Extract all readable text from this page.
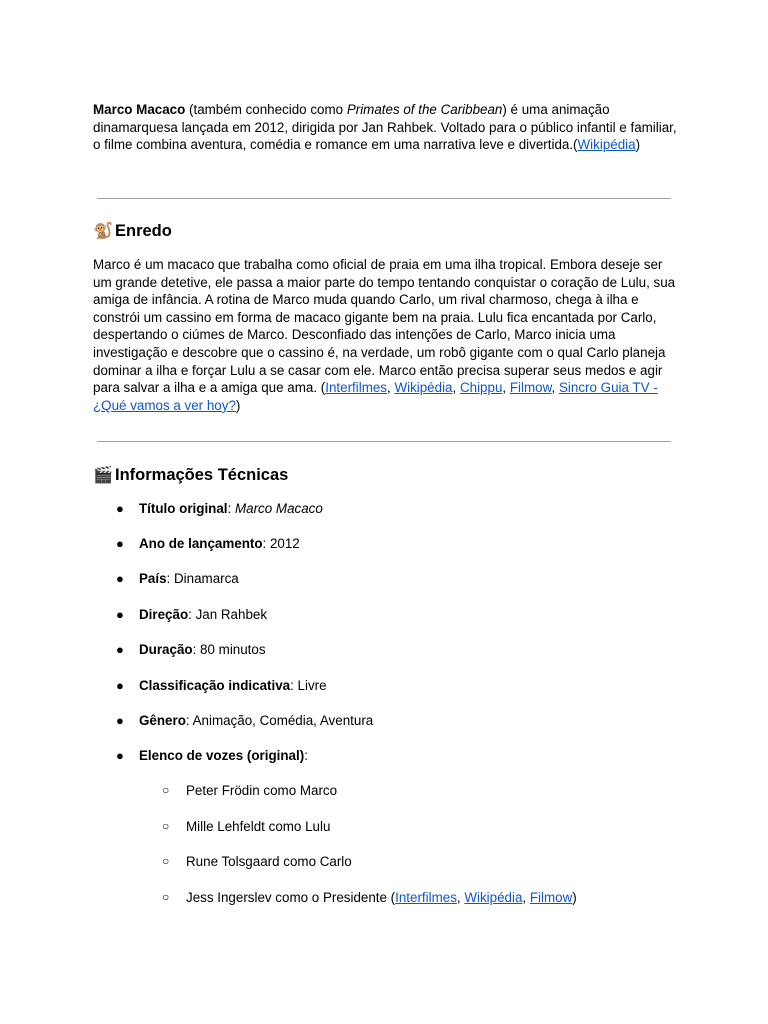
Marco Macaco (também conhecido como Primates of the Caribbean) é uma animação dinamarquesa lançada em 2012, dirigida por Jan Rahbek. Voltado para o público infantil e familiar, o filme combina aventura, comédia e romance em uma narrativa leve e divertida.(Wikipédia)

🐒 Enredo

Marco é um macaco que trabalha como oficial de praia em uma ilha tropical. Embora deseje ser um grande detetive, ele passa a maior parte do tempo tentando conquistar o coração de Lulu, sua amiga de infância. A rotina de Marco muda quando Carlo, um rival charmoso, chega à ilha e constrói um cassino em forma de macaco gigante bem na praia. Lulu fica encantada por Carlo, despertando o ciúmes de Marco. Desconfiado das intenções de Carlo, Marco inicia uma investigação e descobre que o cassino é, na verdade, um robô gigante com o qual Carlo planeja dominar a ilha e forçar Lulu a se casar com ele. Marco então precisa superar seus medos e agir para salvar a ilha e a amiga que ama. (Interfilmes, Wikipédia, Chippu, Filmow, Sincro Guia TV - ¿Qué vamos a ver hoy?)

🎬 Informações Técnicas
● Título original: Marco Macaco
● Ano de lançamento: 2012
● País: Dinamarca
● Direção: Jan Rahbek
● Duração: 80 minutos
● Classificação indicativa: Livre
● Gênero: Animação, Comédia, Aventura
● Elenco de vozes (original):
○ Peter Frödin como Marco
○ Mille Lehfeldt como Lulu
○ Rune Tolsgaard como Carlo
○ Jess Ingerslev como o Presidente (Interfilmes, Wikipédia, Filmow)
